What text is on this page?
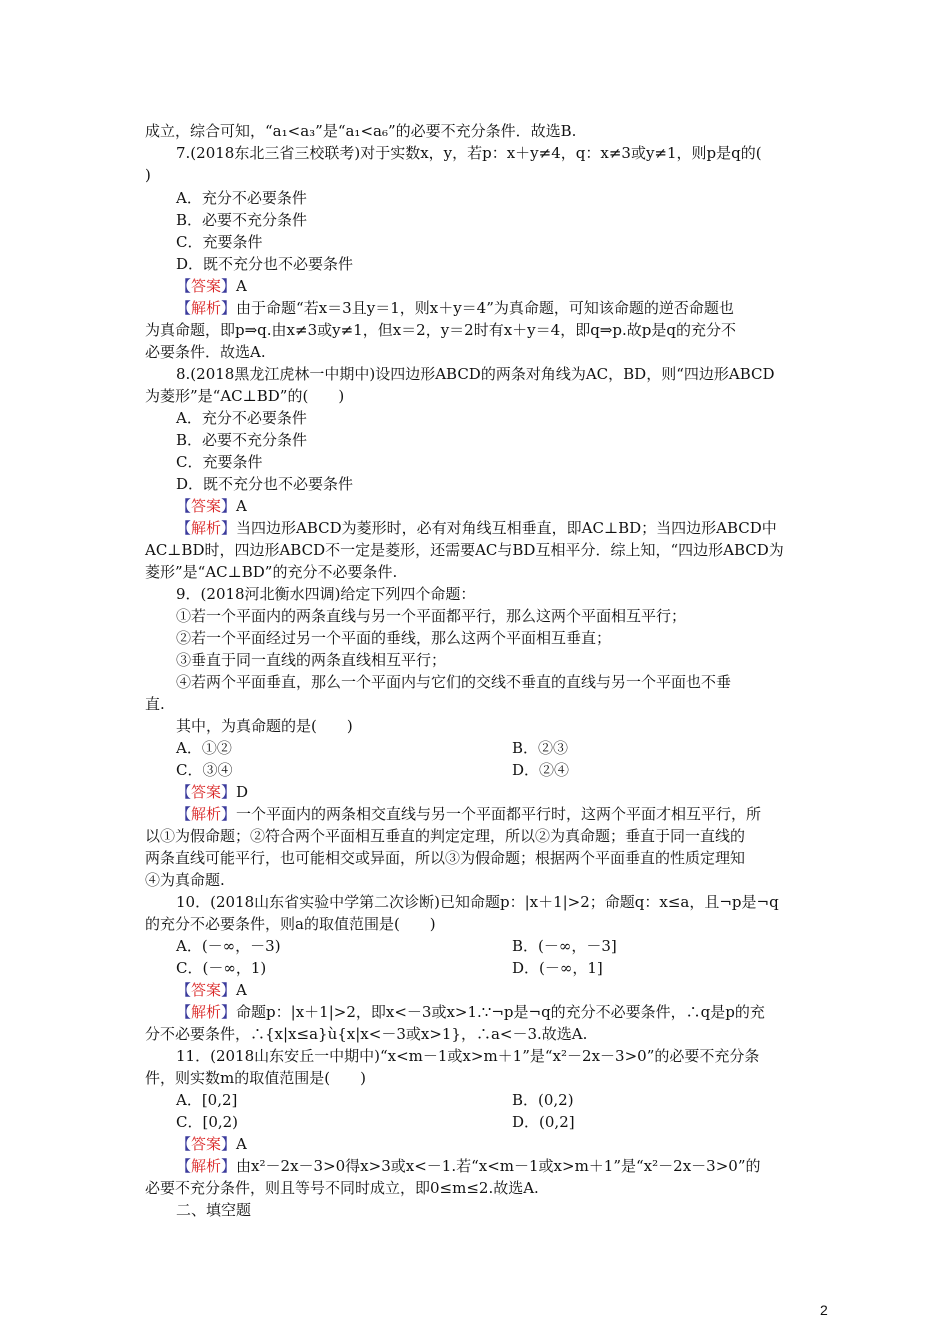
成立，综合可知，“a₁<a₃”是“a₁<a₆”的必要不充分条件．故选B.
7.(2018东北三省三校联考)对于实数x，y，若p：x＋y≠4，q：x≠3或y≠1，则p是q的(
)
A．充分不必要条件
B．必要不充分条件
C．充要条件
D．既不充分也不必要条件
【答案】A
【解析】由于命题“若x＝3且y＝1，则x＋y＝4”为真命题，可知该命题的逆否命题也
为真命题，即p⇒q.由x≠3或y≠1，但x＝2，y＝2时有x＋y＝4，即q⇒p.故p是q的充分不
必要条件．故选A.
8.(2018黑龙江虎林一中期中)设四边形ABCD的两条对角线为AC，BD，则“四边形ABCD
为菱形”是“AC⊥BD”的(　　)
A．充分不必要条件
B．必要不充分条件
C．充要条件
D．既不充分也不必要条件
【答案】A
【解析】当四边形ABCD为菱形时，必有对角线互相垂直，即AC⊥BD；当四边形ABCD中
AC⊥BD时，四边形ABCD不一定是菱形，还需要AC与BD互相平分．综上知，“四边形ABCD为
菱形”是“AC⊥BD”的充分不必要条件.
9．(2018河北衡水四调)给定下列四个命题：
①若一个平面内的两条直线与另一个平面都平行，那么这两个平面相互平行；
②若一个平面经过另一个平面的垂线，那么这两个平面相互垂直；
③垂直于同一直线的两条直线相互平行；
④若两个平面垂直，那么一个平面内与它们的交线不垂直的直线与另一个平面也不垂
直.
其中，为真命题的是(　　)
A．①②	B．②③
C．③④	D．②④
【答案】D
【解析】一个平面内的两条相交直线与另一个平面都平行时，这两个平面才相互平行，所
以①为假命题；②符合两个平面相互垂直的判定定理，所以②为真命题；垂直于同一直线的
两条直线可能平行，也可能相交或异面，所以③为假命题；根据两个平面垂直的性质定理知
④为真命题.
10．(2018山东省实验中学第二次诊断)已知命题p：|x＋1|>2；命题q：x≤a，且¬p是¬q
的充分不必要条件，则a的取值范围是(　　)
A．(－∞，－3)	B．(－∞，－3]
C．(－∞，1)	D．(－∞，1]
【答案】A
【解析】命题p：|x＋1|>2，即x<－3或x>1.∵¬p是¬q的充分不必要条件，∴q是p的充
分不必要条件，∴{x|x≤a}ù{x|x<－3或x>1}，∴a<－3.故选A.
11．(2018山东安丘一中期中)“x<m－1或x>m＋1”是“x²－2x－3>0”的必要不充分条
件，则实数m的取值范围是(　　)
A．[0,2]	B．(0,2)
C．[0,2)	D．(0,2]
【答案】A
【解析】由x²－2x－3>0得x>3或x<－1.若“x<m－1或x>m＋1”是“x²－2x－3>0”的
必要不充分条件，则且等号不同时成立，即0≤m≤2.故选A.
二、填空题
2
